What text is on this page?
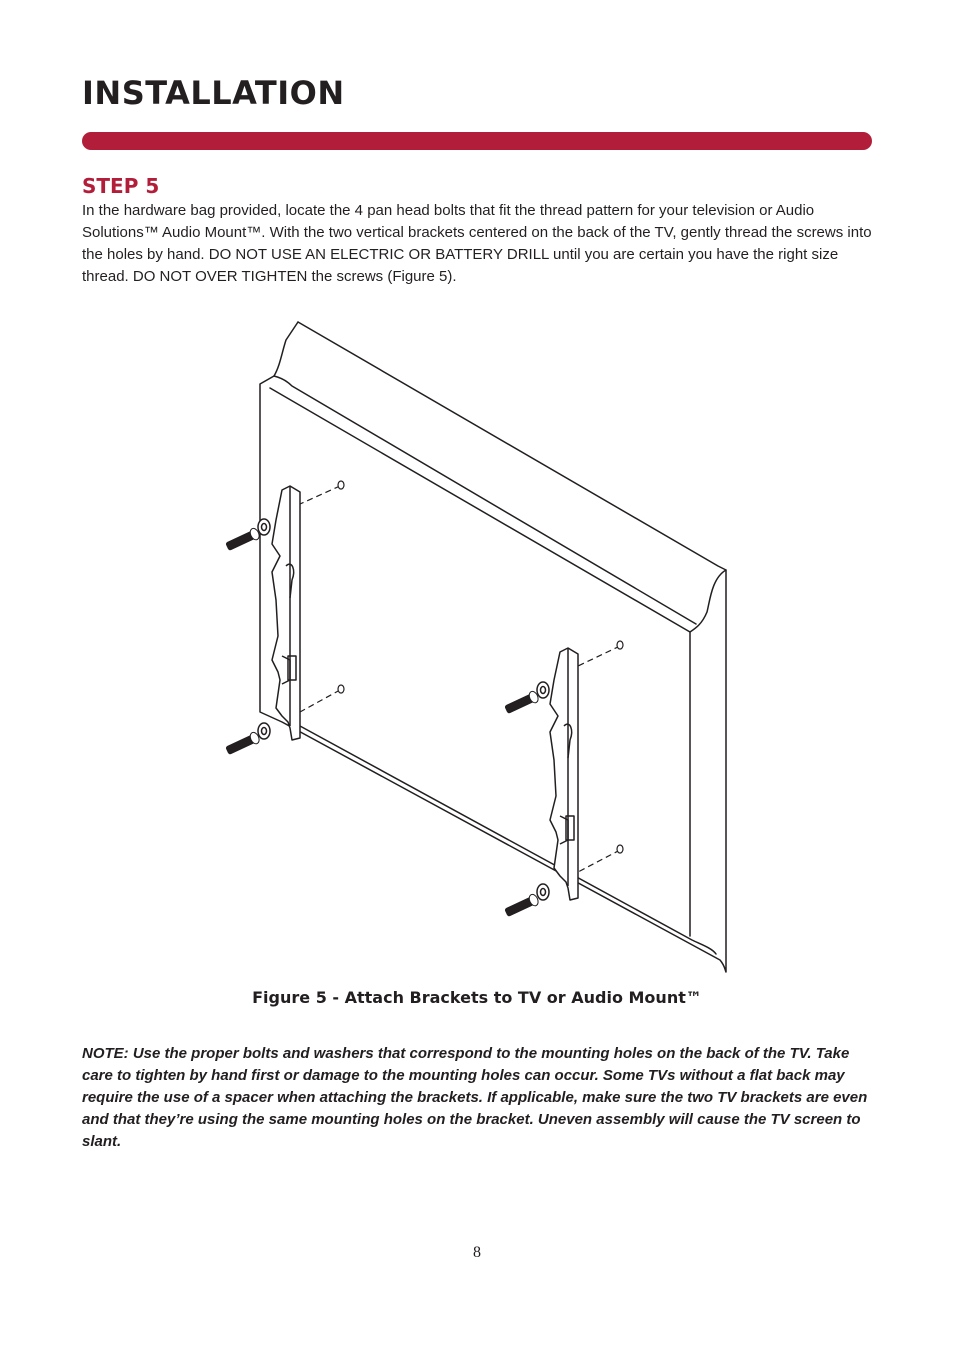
INSTALLATION
STEP 5
In the hardware bag provided, locate the 4 pan head bolts that fit the thread pattern for your television or Audio Solutions™ Audio Mount™. With the two vertical brackets centered on the back of the TV, gently thread the screws into the holes by hand. DO NOT USE AN ELECTRIC OR BATTERY DRILL until you are certain you have the right size thread. DO NOT OVER TIGHTEN the screws (Figure 5).
Figure 5 - Attach Brackets to TV or Audio Mount™
NOTE: Use the proper bolts and washers that correspond to the mounting holes on the back of the TV. Take care to tighten by hand first or damage to the mounting holes can occur. Some TVs without a flat back may require the use of a spacer when attaching the brackets. If applicable, make sure the two TV brackets are even and that they’re using the same mounting holes on the bracket. Uneven assembly will cause the TV screen to slant.
8
